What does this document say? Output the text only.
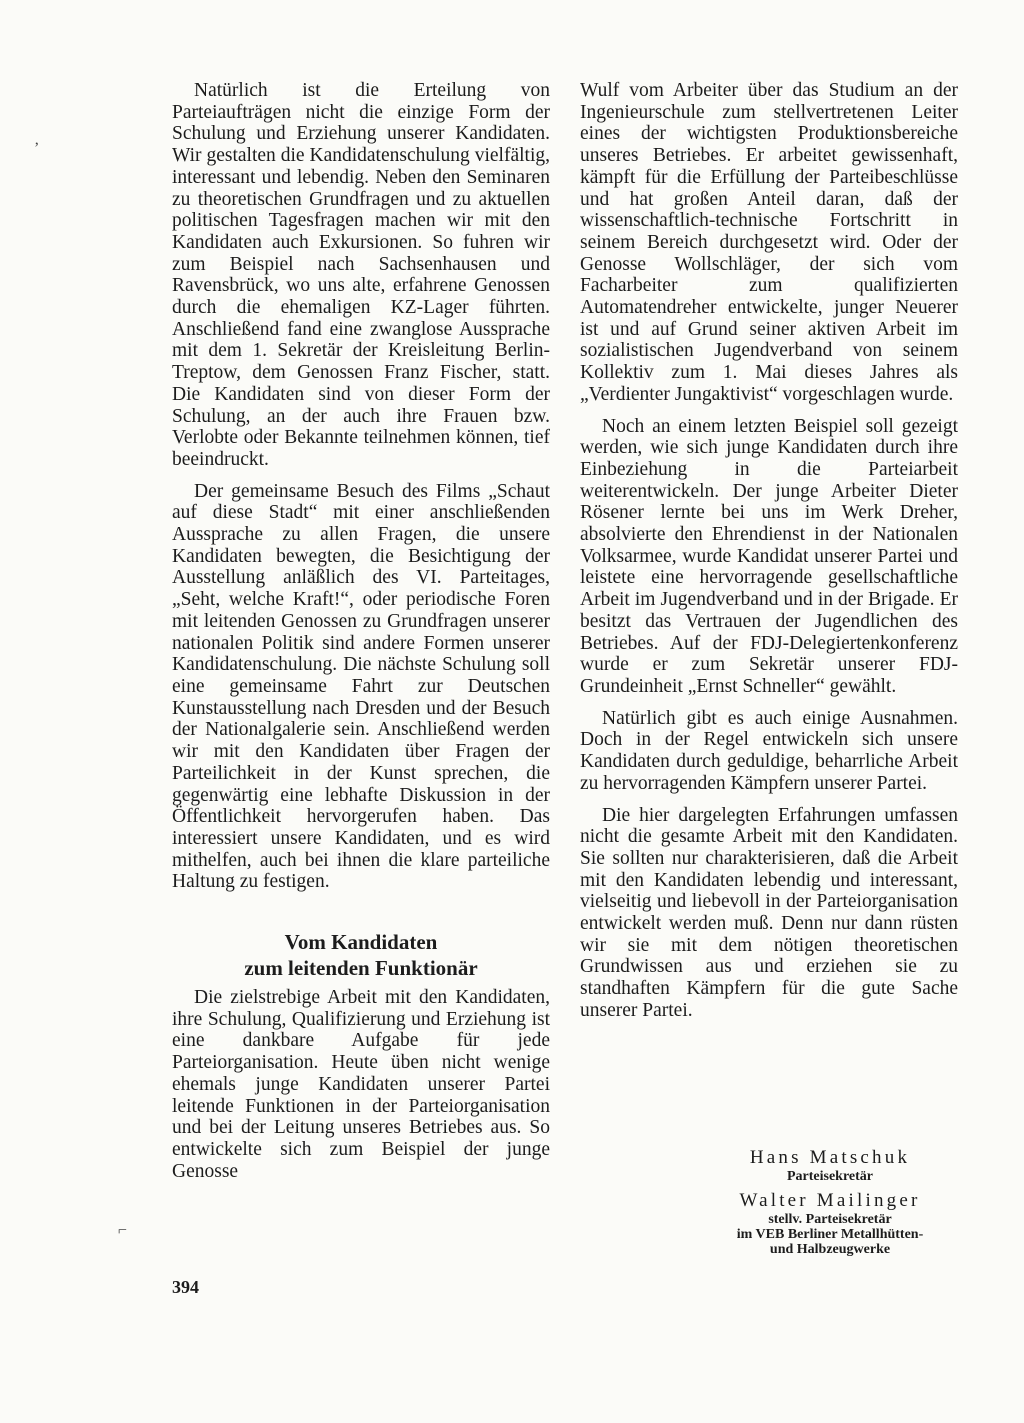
Natürlich ist die Erteilung von Parteiaufträgen nicht die einzige Form der Schulung und Erziehung unserer Kandidaten. Wir gestalten die Kandidatenschulung vielfältig, interessant und lebendig. Neben den Seminaren zu theoretischen Grundfragen und zu aktuellen politischen Tagesfragen machen wir mit den Kandidaten auch Exkursionen. So fuhren wir zum Beispiel nach Sachsenhausen und Ravensbrück, wo uns alte, erfahrene Genossen durch die ehemaligen KZ-Lager führten. Anschließend fand eine zwanglose Aussprache mit dem 1. Sekretär der Kreisleitung Berlin-Treptow, dem Genossen Franz Fischer, statt. Die Kandidaten sind von dieser Form der Schulung, an der auch ihre Frauen bzw. Verlobte oder Bekannte teilnehmen können, tief beeindruckt.

Der gemeinsame Besuch des Films „Schaut auf diese Stadt“ mit einer anschließenden Aussprache zu allen Fragen, die unsere Kandidaten bewegten, die Besichtigung der Ausstellung anläßlich des VI. Parteitages, „Seht, welche Kraft!“, oder periodische Foren mit leitenden Genossen zu Grundfragen unserer nationalen Politik sind andere Formen unserer Kandidatenschulung. Die nächste Schulung soll eine gemeinsame Fahrt zur Deutschen Kunstausstellung nach Dresden und der Besuch der Nationalgalerie sein. Anschließend werden wir mit den Kandidaten über Fragen der Parteilichkeit in der Kunst sprechen, die gegenwärtig eine lebhafte Diskussion in der Öffentlichkeit hervorgerufen haben. Das interessiert unsere Kandidaten, und es wird mithelfen, auch bei ihnen die klare parteiliche Haltung zu festigen.

Vom Kandidaten
zum leitenden Funktionär

Die zielstrebige Arbeit mit den Kandidaten, ihre Schulung, Qualifizierung und Erziehung ist eine dankbare Aufgabe für jede Parteiorganisation. Heute üben nicht wenige ehemals junge Kandidaten unserer Partei leitende Funktionen in der Parteiorganisation und bei der Leitung unseres Betriebes aus. So entwickelte sich zum Beispiel der junge Genosse

Wulf vom Arbeiter über das Studium an der Ingenieurschule zum stellvertretenen Leiter eines der wichtigsten Produktionsbereiche unseres Betriebes. Er arbeitet gewissenhaft, kämpft für die Erfüllung der Parteibeschlüsse und hat großen Anteil daran, daß der wissenschaftlich-technische Fortschritt in seinem Bereich durchgesetzt wird. Oder der Genosse Wollschläger, der sich vom Facharbeiter zum qualifizierten Automatendreher entwickelte, junger Neuerer ist und auf Grund seiner aktiven Arbeit im sozialistischen Jugendverband von seinem Kollektiv zum 1. Mai dieses Jahres als „Verdienter Jungaktivist“ vorgeschlagen wurde.

Noch an einem letzten Beispiel soll gezeigt werden, wie sich junge Kandidaten durch ihre Einbeziehung in die Parteiarbeit weiterentwickeln. Der junge Arbeiter Dieter Rösener lernte bei uns im Werk Dreher, absolvierte den Ehrendienst in der Nationalen Volksarmee, wurde Kandidat unserer Partei und leistete eine hervorragende gesellschaftliche Arbeit im Jugendverband und in der Brigade. Er besitzt das Vertrauen der Jugendlichen des Betriebes. Auf der FDJ-Delegiertenkonferenz wurde er zum Sekretär unserer FDJ-Grundeinheit „Ernst Schneller“ gewählt.

Natürlich gibt es auch einige Ausnahmen. Doch in der Regel entwickeln sich unsere Kandidaten durch geduldige, beharrliche Arbeit zu hervorragenden Kämpfern unserer Partei.

Die hier dargelegten Erfahrungen umfassen nicht die gesamte Arbeit mit den Kandidaten. Sie sollten nur charakterisieren, daß die Arbeit mit den Kandidaten lebendig und interessant, vielseitig und liebevoll in der Parteiorganisation entwickelt werden muß. Denn nur dann rüsten wir sie mit dem nötigen theoretischen Grundwissen aus und erziehen sie zu standhaften Kämpfern für die gute Sache unserer Partei.

Hans Matschuk
Parteisekretär
Walter Mailinger
stellv. Parteisekretär
im VEB Berliner Metallhütten-
und Halbzeugwerke
394
ʼ
⌐
